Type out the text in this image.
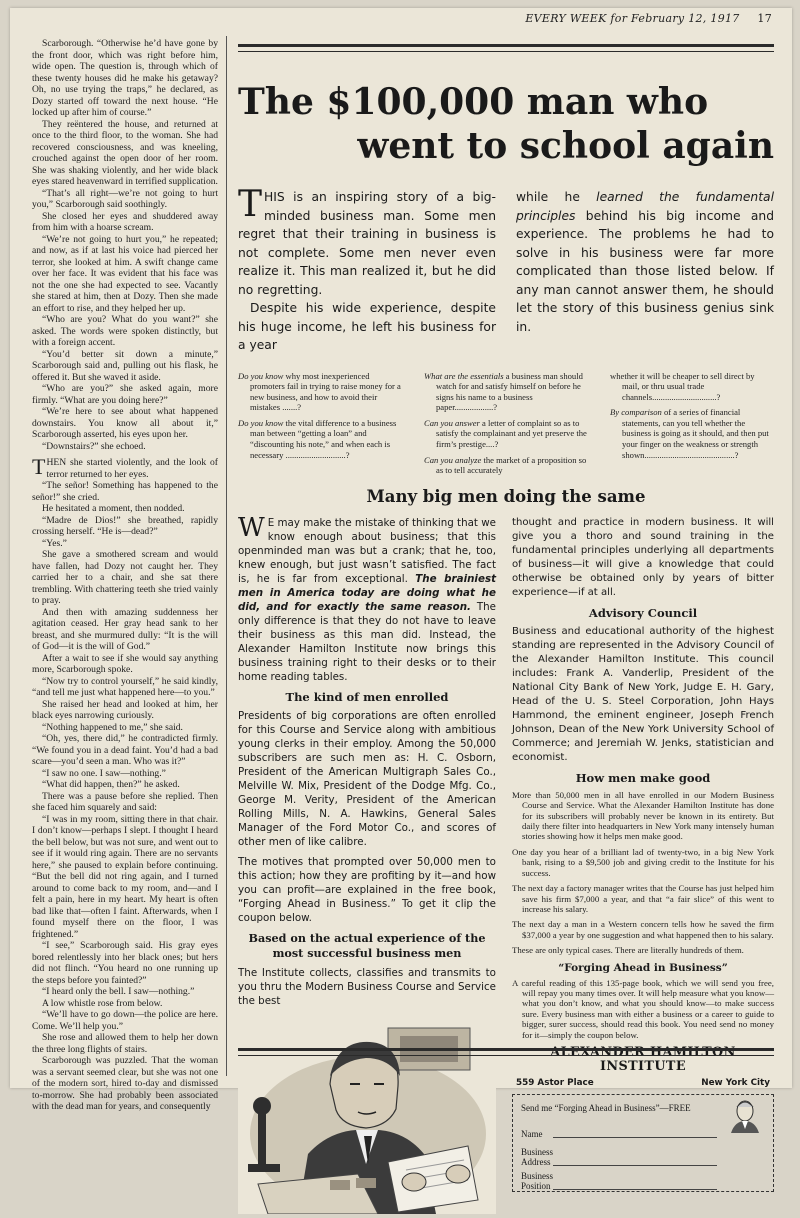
EVERY WEEK for February 12, 1917 17

Scarborough. “Otherwise he’d have gone by the front door, which was right before him, wide open. The question is, through which of these twenty houses did he make his getaway? Oh, no use trying the traps,” he declared, as Dozy started off toward the next house. “He locked up after him of course.”

They reëntered the house, and returned at once to the third floor, to the woman. She had recovered consciousness, and was kneeling, crouched against the open door of her room. She was shaking violently, and her wide black eyes stared heavenward in terrified supplication.

“That’s all right—we’re not going to hurt you,” Scarborough said soothingly.

She closed her eyes and shuddered away from him with a hoarse scream.

“We’re not going to hurt you,” he repeated; and now, as if at last his voice had pierced her terror, she looked at him. A swift change came over her face. It was evident that his face was not the one she had expected to see. Vacantly she stared at him, then at Dozy. Then she made an effort to rise, and they helped her up.

“Who are you? What do you want?” she asked. The words were spoken distinctly, but with a foreign accent.

“You’d better sit down a minute,” Scarborough said and, pulling out his flask, he offered it. But she waved it aside.

“Who are you?” she asked again, more firmly. “What are you doing here?”

“We’re here to see about what happened downstairs. You know all about it,” Scarborough asserted, his eyes upon her.

“Downstairs?” she echoed.

THEN she started violently, and the look of terror returned to her eyes.

“The señor! Something has happened to the señor!” she cried.

He hesitated a moment, then nodded.

“Madre de Dios!” she breathed, rapidly crossing herself. “He is—dead?”

“Yes.”

She gave a smothered scream and would have fallen, had Dozy not caught her. They carried her to a chair, and she sat there trembling. With chattering teeth she tried vainly to pray.

And then with amazing suddenness her agitation ceased. Her gray head sank to her breast, and she murmured dully: “It is the will of God—it is the will of God.”

After a wait to see if she would say anything more, Scarborough spoke.

“Now try to control yourself,” he said kindly, “and tell me just what happened here—to you.”

She raised her head and looked at him, her black eyes narrowing curiously.

“Nothing happened to me,” she said.

“Oh, yes, there did,” he contradicted firmly. “We found you in a dead faint. You’d had a bad scare—you’d seen a man. Who was it?”

“I saw no one. I saw—nothing.”

“What did happen, then?” he asked.

There was a pause before she replied. Then she faced him squarely and said:

“I was in my room, sitting there in that chair. I don’t know—perhaps I slept. I thought I heard the bell below, but was not sure, and went out to see if it would ring again. There are no servants here,” she paused to explain before continuing. “But the bell did not ring again, and I turned around to come back to my room, and—and I felt a pain, here in my heart. My heart is often bad like that—often I faint. Afterwards, when I found myself there on the floor, I was frightened.”

“I see,” Scarborough said. His gray eyes bored relentlessly into her black ones; but hers did not flinch. “You heard no one running up the steps before you fainted?”

“I heard only the bell. I saw—nothing.”

A low whistle rose from below.

“We’ll have to go down—the police are here. Come. We’ll help you.”

She rose and allowed them to help her down the three long flights of stairs.

Scarborough was puzzled. That the woman was a servant seemed clear, but she was not one of the modern sort, hired to-day and dismissed to-morrow. She had probably been associated with the dead man for years, and consequently

The $100,000 man who
went to school again

THIS is an inspiring story of a big-minded business man. Some men regret that their training in business is not complete. Some men never even realize it. This man realized it, but he did no regretting.

Despite his wide experience, despite his huge income, he left his business for a year

while he learned the fundamental principles behind his big income and experience. The problems he had to solve in his business were far more complicated than those listed below. If any man cannot answer them, he should let the story of this business genius sink in.

Do you know why most inexperienced promoters fail in trying to raise money for a new business, and how to avoid their mistakes .......?

Do you know the vital difference to a business man between “getting a loan” and “discounting his note,” and when each is necessary ............................?

What are the essentials a business man should watch for and satisfy himself on before he signs his name to a business paper..................?

Can you answer a letter of complaint so as to satisfy the complainant and yet preserve the firm’s prestige....?

Can you analyze the market of a proposition so as to tell accurately

whether it will be cheaper to sell direct by mail, or thru usual trade channels..............................?

By comparison of a series of financial statements, can you tell whether the business is going as it should, and then put your finger on the weakness or strength shown..........................................?

Many big men doing the same

W E may make the mistake of thinking that we know enough about business; that this openminded man was but a crank; that he, too, knew enough, but just wasn’t satisfied. The fact is, he is far from exceptional. The brainiest men in America today are doing what he did, and for exactly the same reason. The only difference is that they do not have to leave their business as this man did. Instead, the Alexander Hamilton Institute now brings this business training right to their desks or to their home reading tables.

The kind of men enrolled

Presidents of big corporations are often enrolled for this Course and Service along with ambitious young clerks in their employ. Among the 50,000 subscribers are such men as: H. C. Osborn, President of the American Multigraph Sales Co., Melville W. Mix, President of the Dodge Mfg. Co., George M. Verity, President of the American Rolling Mills, N. A. Hawkins, General Sales Manager of the Ford Motor Co., and scores of other men of like calibre.

The motives that prompted over 50,000 men to this action; how they are profiting by it—and how you can profit—are explained in the free book, “Forging Ahead in Business.” To get it clip the coupon below.

Based on the actual experience of the most successful business men

The Institute collects, classifies and transmits to you thru the Modern Business Course and Service the best

thought and practice in modern business. It will give you a thoro and sound training in the fundamental principles underlying all departments of business—it will give a knowledge that could otherwise be obtained only by years of bitter experience—if at all.

Advisory Council

Business and educational authority of the highest standing are represented in the Advisory Council of the Alexander Hamilton Institute. This council includes: Frank A. Vanderlip, President of the National City Bank of New York, Judge E. H. Gary, Head of the U. S. Steel Corporation, John Hays Hammond, the eminent engineer, Joseph French Johnson, Dean of the New York University School of Commerce; and Jeremiah W. Jenks, statistician and economist.

How men make good

More than 50,000 men in all have enrolled in our Modern Business Course and Service. What the Alexander Hamilton Institute has done for its subscribers will probably never be known in its entirety. But daily there filter into headquarters in New York many intensely human stories showing how it helps men make good.

One day you hear of a brilliant lad of twenty-two, in a big New York bank, rising to a $9,500 job and giving credit to the Institute for his success.

The next day a factory manager writes that the Course has just helped him save his firm $7,000 a year, and that “a fair slice” of this went to increase his salary.

The next day a man in a Western concern tells how he saved the firm $37,000 a year by one suggestion and what happened then to his salary.

These are only typical cases. There are literally hundreds of them.

“Forging Ahead in Business”

A careful reading of this 135-page book, which we will send you free, will repay you many times over. It will help measure what you know—what you don’t know, and what you should know—to make success sure. Every business man with either a business or a career to guide to bigger, surer success, should read this book. You need send no money for it—simply the coupon below.

ALEXANDER HAMILTON INSTITUTE
559 Astor Place	New York City
Send me “Forging Ahead in Business”—FREE
Name
Business
Address
Business
Position
